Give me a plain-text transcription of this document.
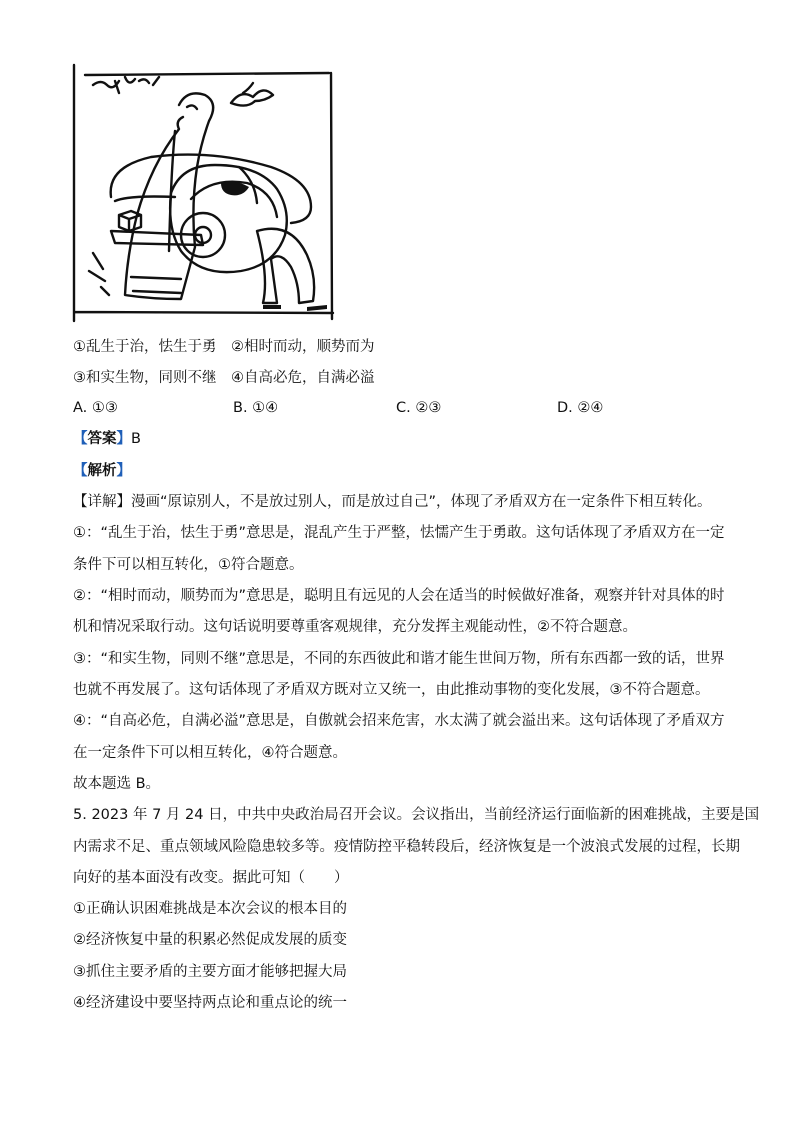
①乱生于治，怯生于勇　②相时而动，顺势而为
③和实生物，同则不继　④自高必危，自满必溢
A. ①③	B. ①④	C. ②③	D. ②④
【答案】B
【解析】
【详解】漫画“原谅别人，不是放过别人，而是放过自己”，体现了矛盾双方在一定条件下相互转化。
①：“乱生于治，怯生于勇”意思是，混乱产生于严整，怯懦产生于勇敢。这句话体现了矛盾双方在一定
条件下可以相互转化，①符合题意。
②：“相时而动，顺势而为”意思是，聪明且有远见的人会在适当的时候做好准备，观察并针对具体的时
机和情况采取行动。这句话说明要尊重客观规律，充分发挥主观能动性，②不符合题意。
③：“和实生物，同则不继”意思是，不同的东西彼此和谐才能生世间万物，所有东西都一致的话，世界
也就不再发展了。这句话体现了矛盾双方既对立又统一，由此推动事物的变化发展，③不符合题意。
④：“自高必危，自满必溢”意思是，自傲就会招来危害，水太满了就会溢出来。这句话体现了矛盾双方
在一定条件下可以相互转化，④符合题意。
故本题选 B。
5. 2023 年 7 月 24 日，中共中央政治局召开会议。会议指出，当前经济运行面临新的困难挑战，主要是国
内需求不足、重点领域风险隐患较多等。疫情防控平稳转段后，经济恢复是一个波浪式发展的过程，长期
向好的基本面没有改变。据此可知（　　）
①正确认识困难挑战是本次会议的根本目的
②经济恢复中量的积累必然促成发展的质变
③抓住主要矛盾的主要方面才能够把握大局
④经济建设中要坚持两点论和重点论的统一
